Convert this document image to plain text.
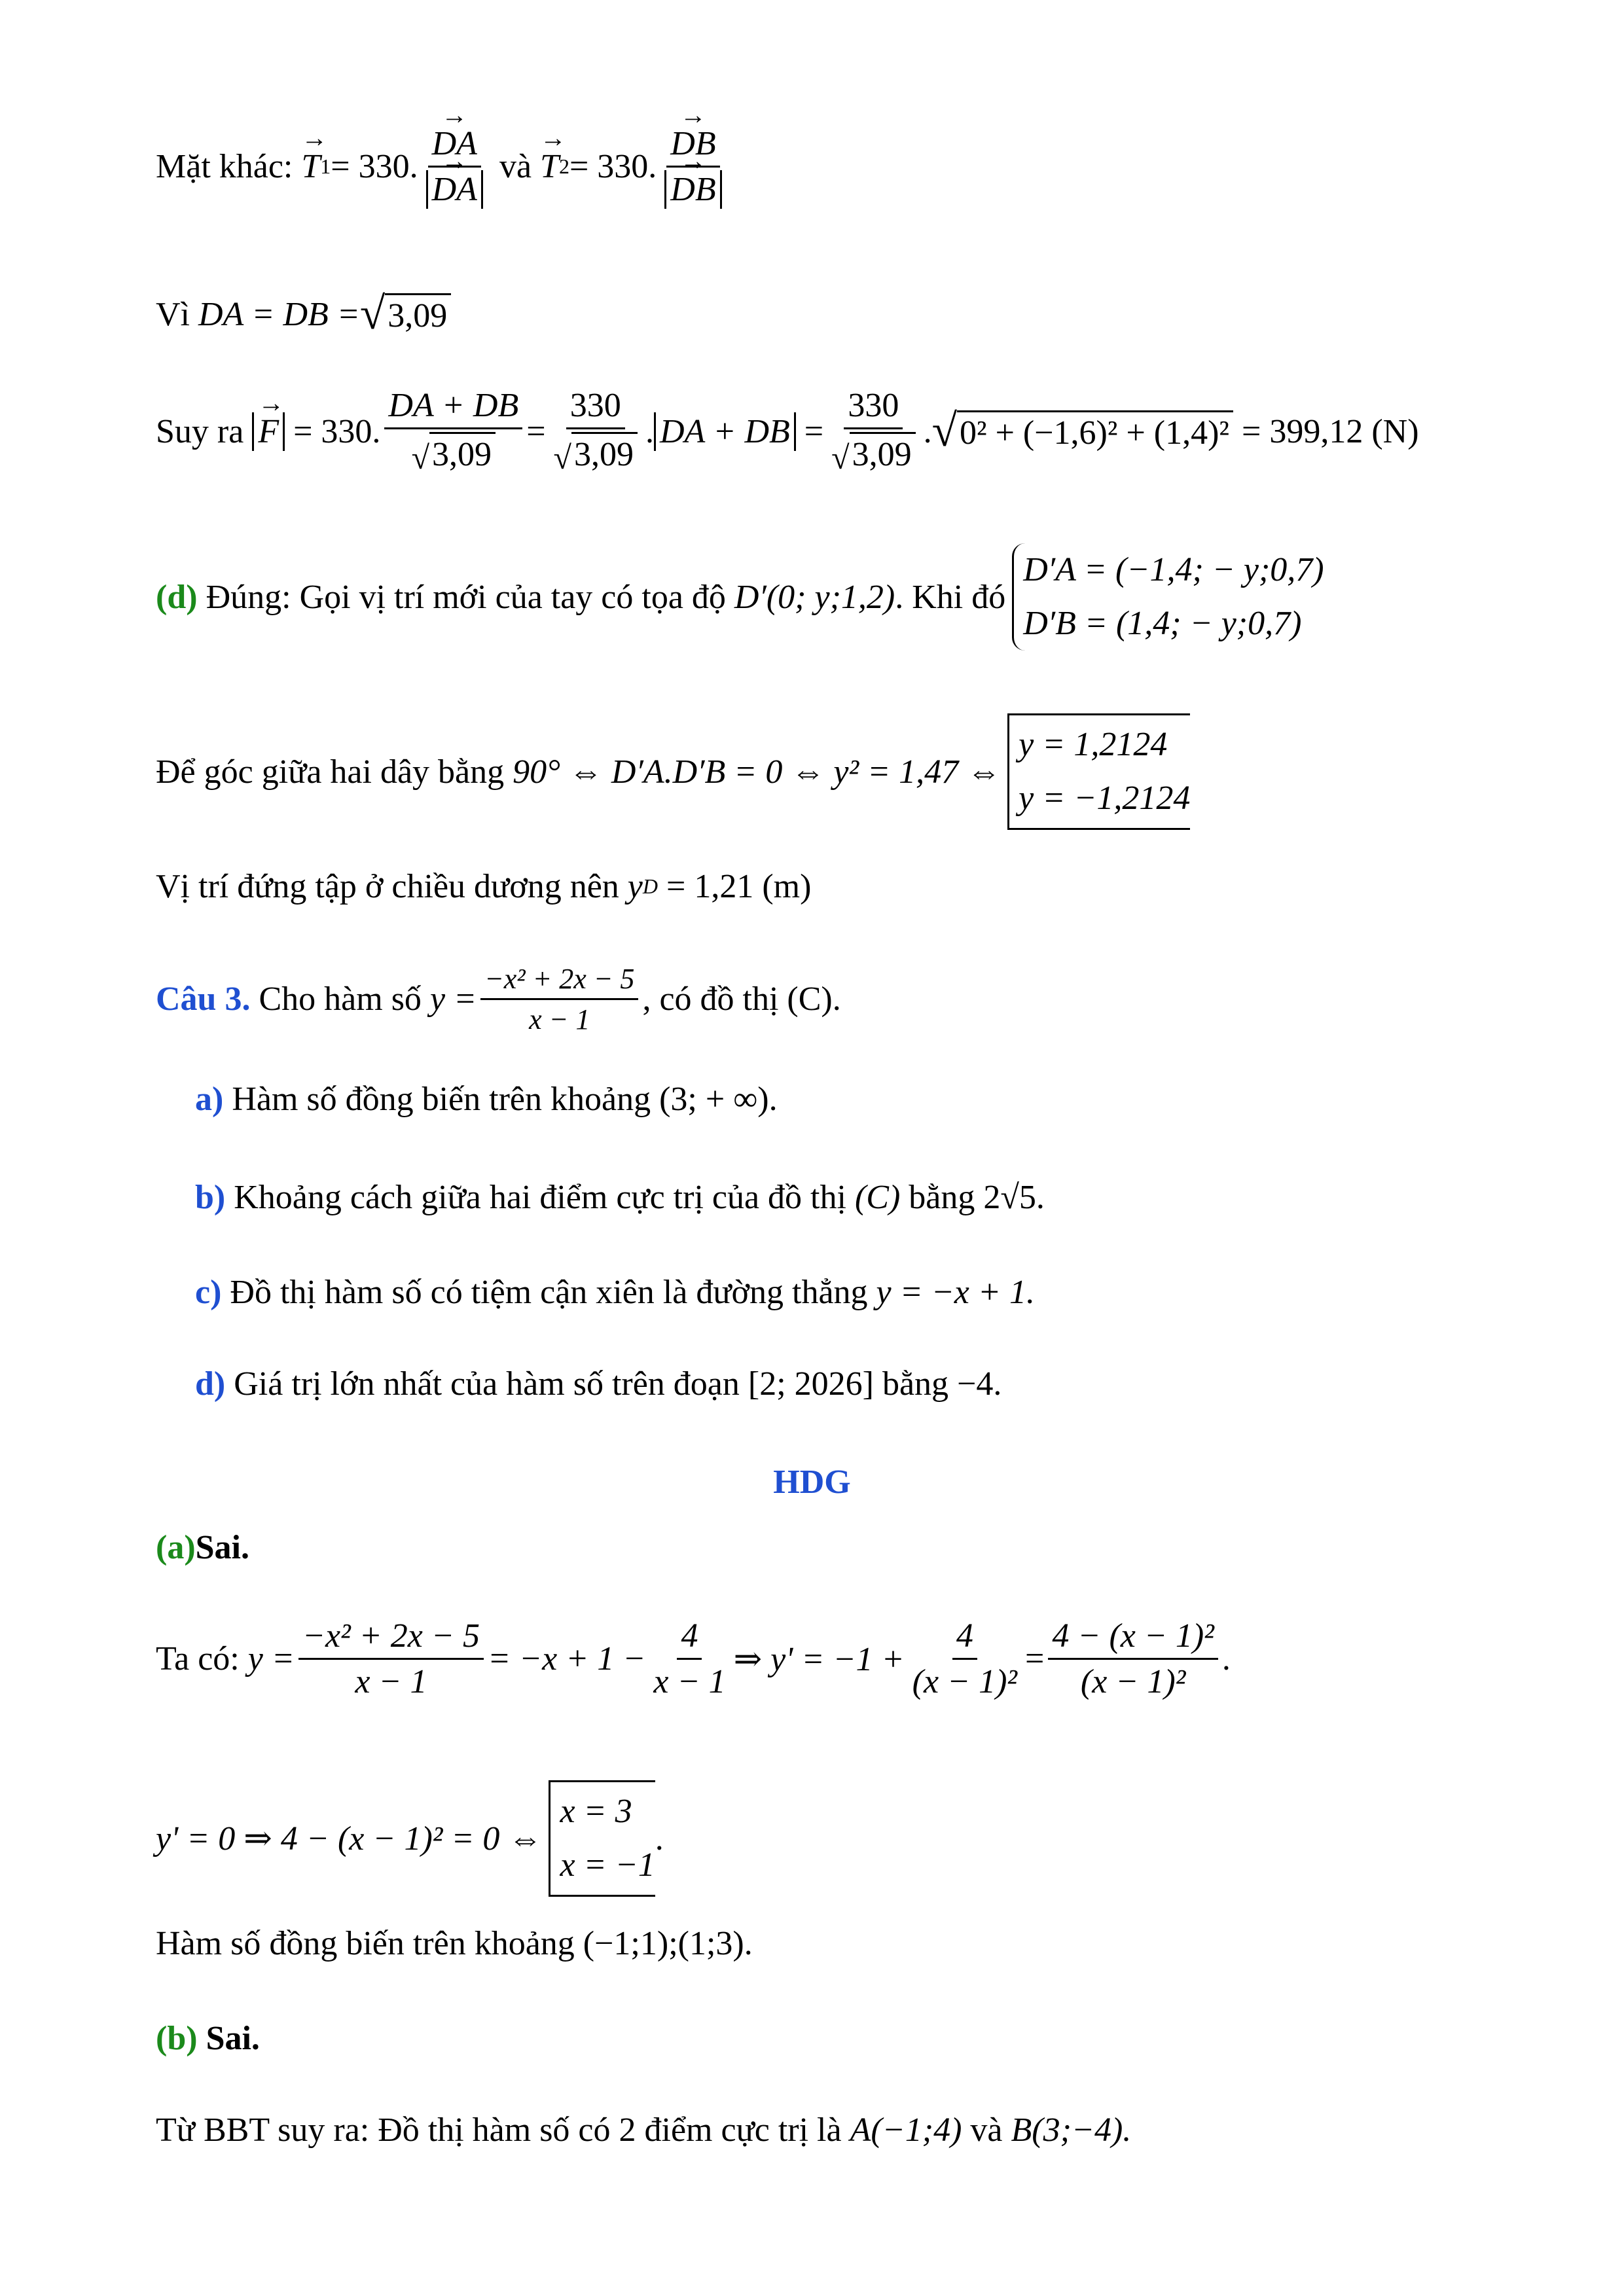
Mặt khác:
→ T 1 = 330. → DA
→ DA
và
→ T 2 = 330. → DB
→ DB
Vì
DA = DB = √ 3,09
Suy ra
→ F
= 330. $\frac{DA + DB}{√3,09} = \frac{330}{√3,09}$ . DA + DB
= $\frac{330}{√3,09}$ . √ 0² + (−1,6)² + (1,4)²
= 399,12 (N)
(d)
Đúng: Gọi vị trí mới của tay có tọa độ
D′(0; y;1,2) . Khi đó
D′A = (−1,4; − y;0,7)
D′B = (1,4; − y;0,7)
Để góc giữa hai dây bằng
90° ⇔ D′A.D′B = 0 ⇔ y² = 1,47 ⇔
y = 1,2124
y = −1,2124
Vị trí đứng tập ở chiều dương nên
y D
= 1,21 (m)
Câu 3.
Cho hàm số
$y = \frac{\text{−x² + 2x − 5}}{x - 1}$ , có đồ thị (C).
a)
Hàm số đồng biến trên khoảng
(3; + ∞).
b)
Khoảng cách giữa hai điểm cực trị của đồ thị
(C)
bằng
2√5.
c)
Đồ thị hàm số có tiệm cận xiên là đường thẳng
y = −x + 1.
d)
Giá trị lớn nhất của hàm số trên đoạn
[2; 2026]
bằng
−4.
HDG
(a) Sai.
Ta có:
$y = \frac{\text{−x² + 2x − 5}}{x - 1} = -x + 1 - \frac{4}{x - 1}$ ⇒ $y' = -1 + \frac{4}{\text{(x − 1)²}} = \frac{\text{4 − (x − 1)²}}{\text{(x − 1)²}}$ .
y' = 0 ⇒ 4 − (x − 1)² = 0 ⇔
x = 3
x = −1
.
Hàm số đồng biến trên khoảng
(−1;1);(1;3).
(b)
Sai.
Từ BBT suy ra: Đồ thị hàm số có 2 điểm cực trị là
A(−1;4)
và
B(3;−4).
